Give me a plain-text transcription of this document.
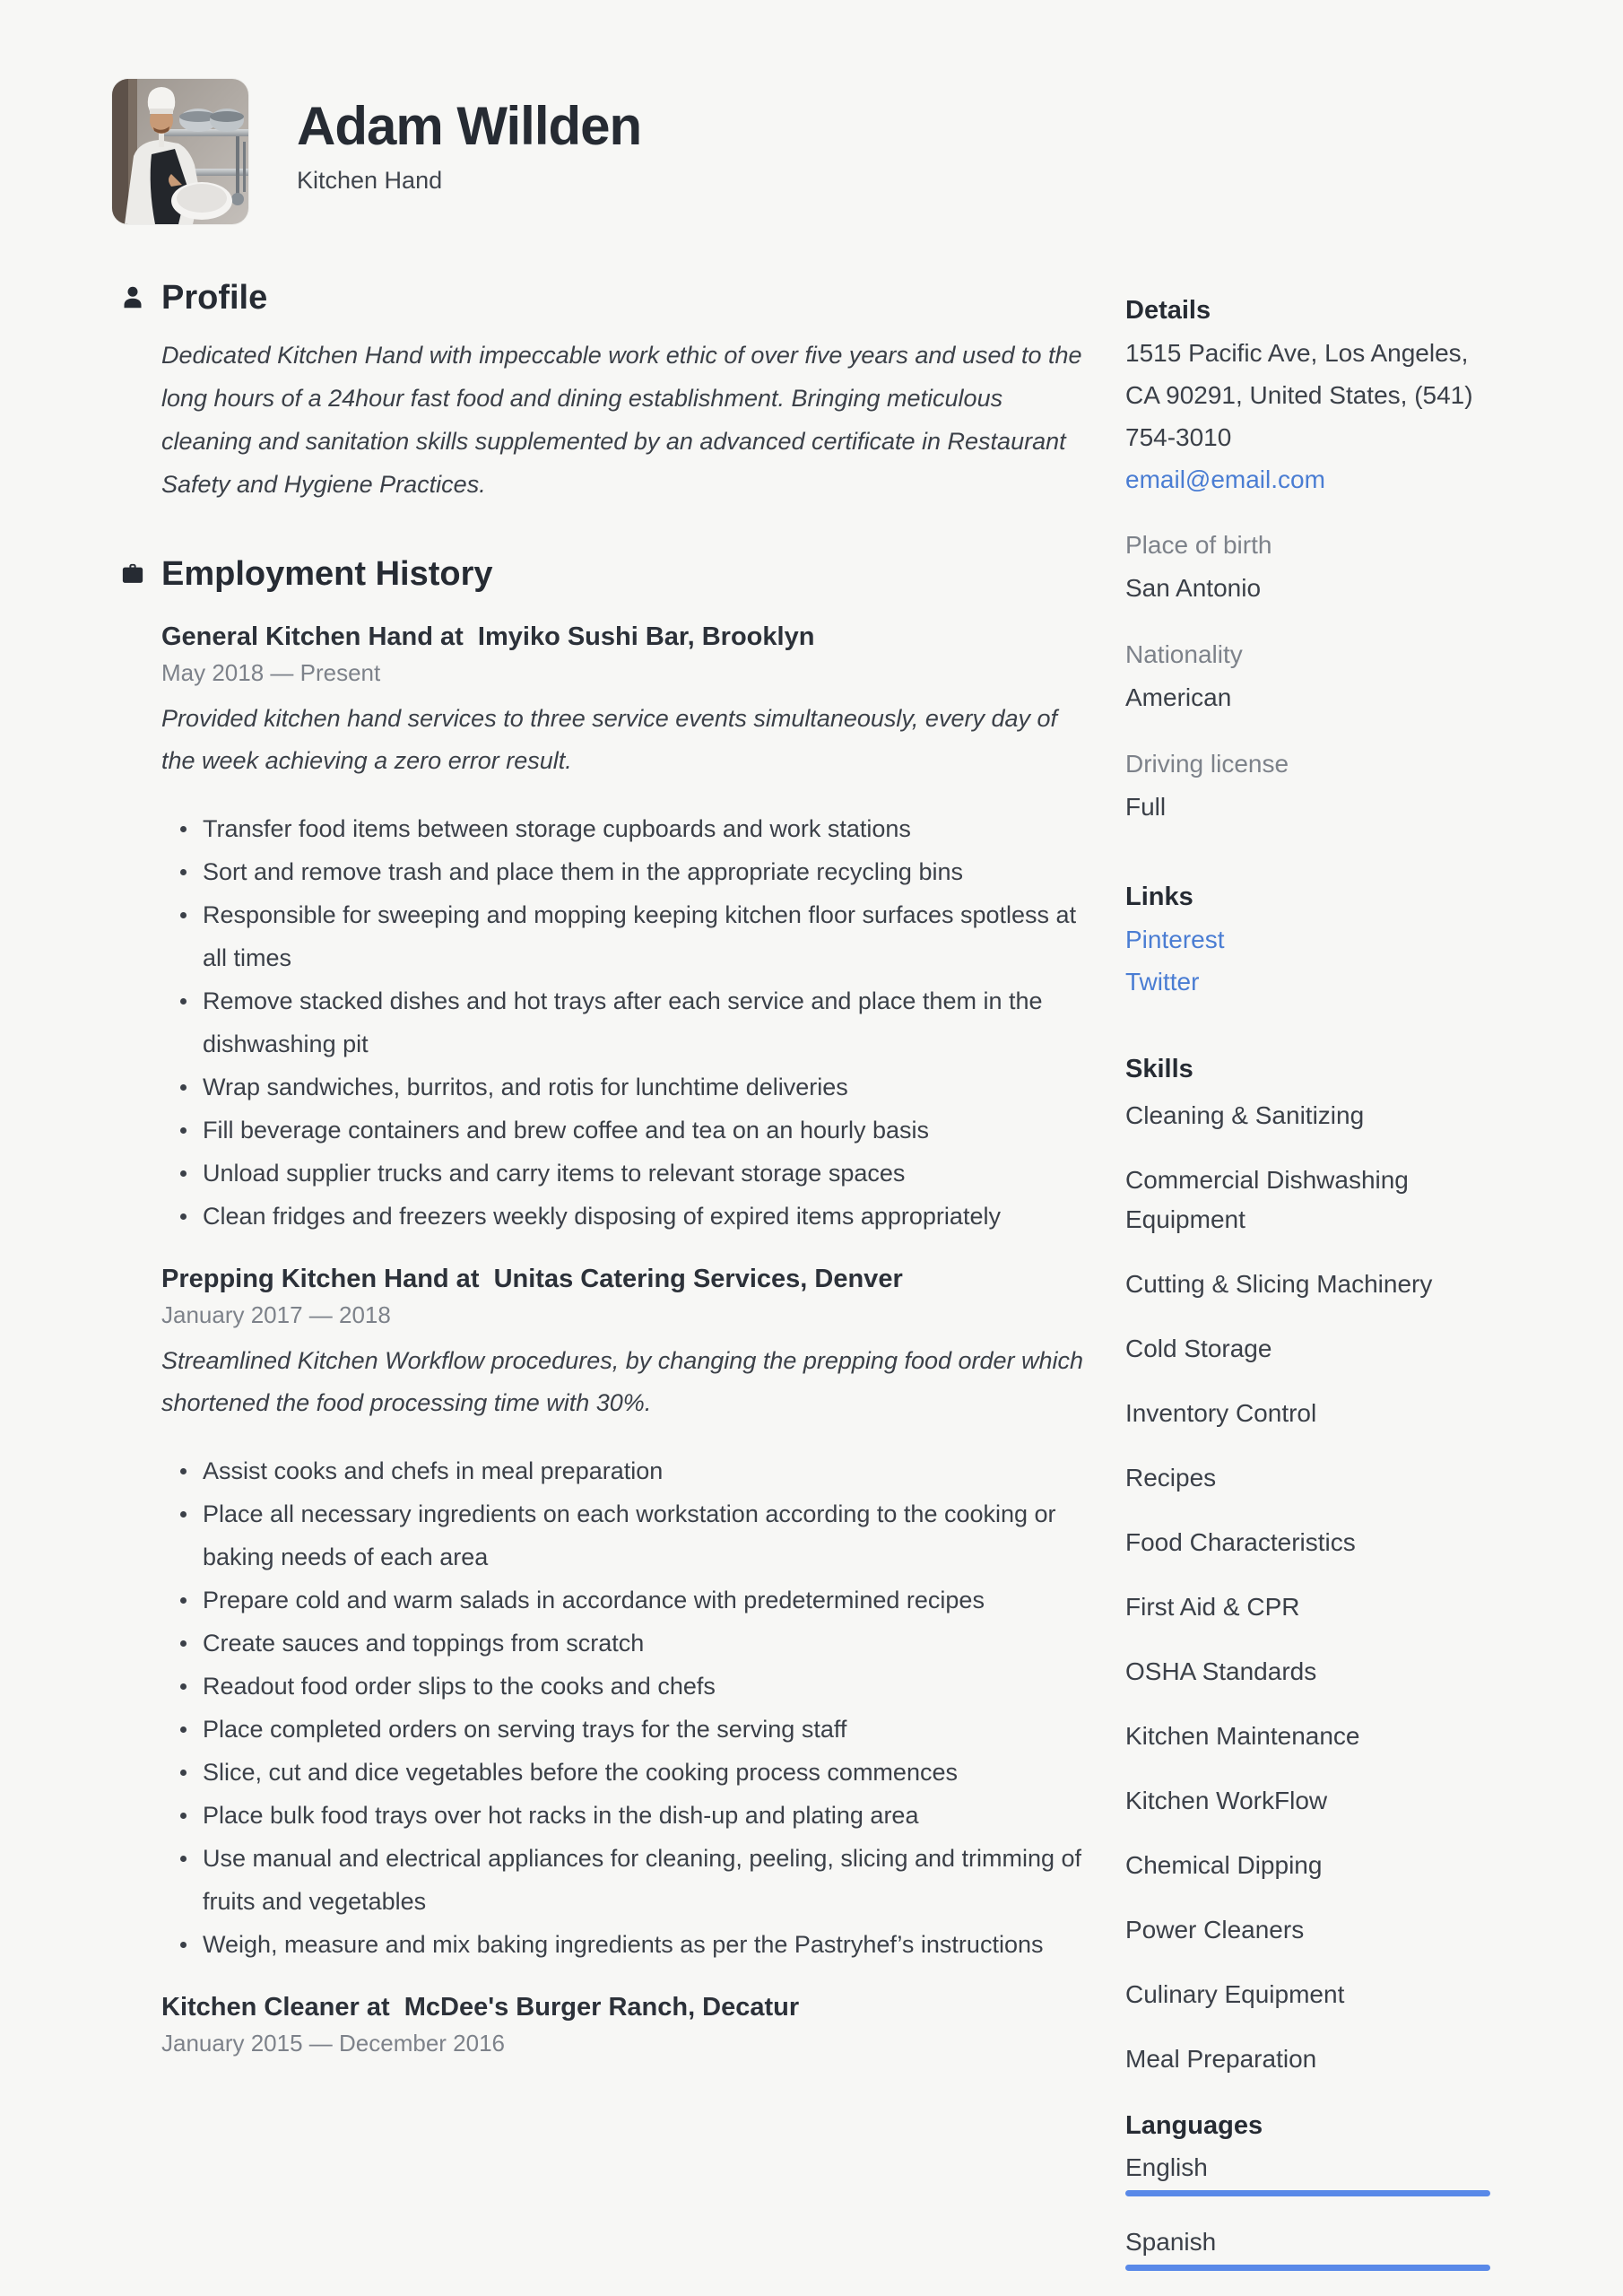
Adam Willden
Kitchen Hand
Profile

Dedicated Kitchen Hand with impeccable work ethic of over five years and used to the long hours of a 24hour fast food and dining establishment. Bringing meticulous cleaning and sanitation skills supplemented by an advanced certificate in Restaurant Safety and Hygiene Practices.

Employment History
General Kitchen Hand at  Imyiko Sushi Bar, Brooklyn
May 2018 — Present

Provided kitchen hand services to three service events simultaneously, every day of the week achieving a zero error result.

Transfer food items between storage cupboards and work stations
Sort and remove trash and place them in the appropriate recycling bins
Responsible for sweeping and mopping keeping kitchen floor surfaces spotless at all times
Remove stacked dishes and hot trays after each service and place them in the dishwashing pit
Wrap sandwiches, burritos, and rotis for lunchtime deliveries
Fill beverage containers and brew coffee and tea on an hourly basis
Unload supplier trucks and carry items to relevant storage spaces
Clean fridges and freezers weekly disposing of expired items appropriately
Prepping Kitchen Hand at  Unitas Catering Services, Denver
January 2017 — 2018

Streamlined Kitchen Workflow procedures, by changing the prepping food order which shortened the food processing time with 30%.

Assist cooks and chefs in meal preparation
Place all necessary ingredients on each workstation according to the cooking or baking needs of each area
Prepare cold and warm salads in accordance with predetermined recipes
Create sauces and toppings from scratch
Readout food order slips to the cooks and chefs
Place completed orders on serving trays for the serving staff
Slice, cut and dice vegetables before the cooking process commences
Place bulk food trays over hot racks in the dish-up and plating area
Use manual and electrical appliances for cleaning, peeling, slicing and trimming of fruits and vegetables
Weigh, measure and mix baking ingredients as per the Pastryhef’s instructions
Kitchen Cleaner at  McDee's Burger Ranch, Decatur
January 2015 — December 2016
Details
1515 Pacific Ave, Los Angeles,
CA 90291, United States, (541)
754-3010
email@email.com
Place of birth
San Antonio
Nationality
American
Driving license
Full
Links
Pinterest
Twitter
Skills
Cleaning & Sanitizing
Commercial Dishwashing Equipment
Cutting & Slicing Machinery
Cold Storage
Inventory Control
Recipes
Food Characteristics
First Aid & CPR
OSHA Standards
Kitchen Maintenance
Kitchen WorkFlow
Chemical Dipping
Power Cleaners
Culinary Equipment
Meal Preparation
Languages
English
Spanish
